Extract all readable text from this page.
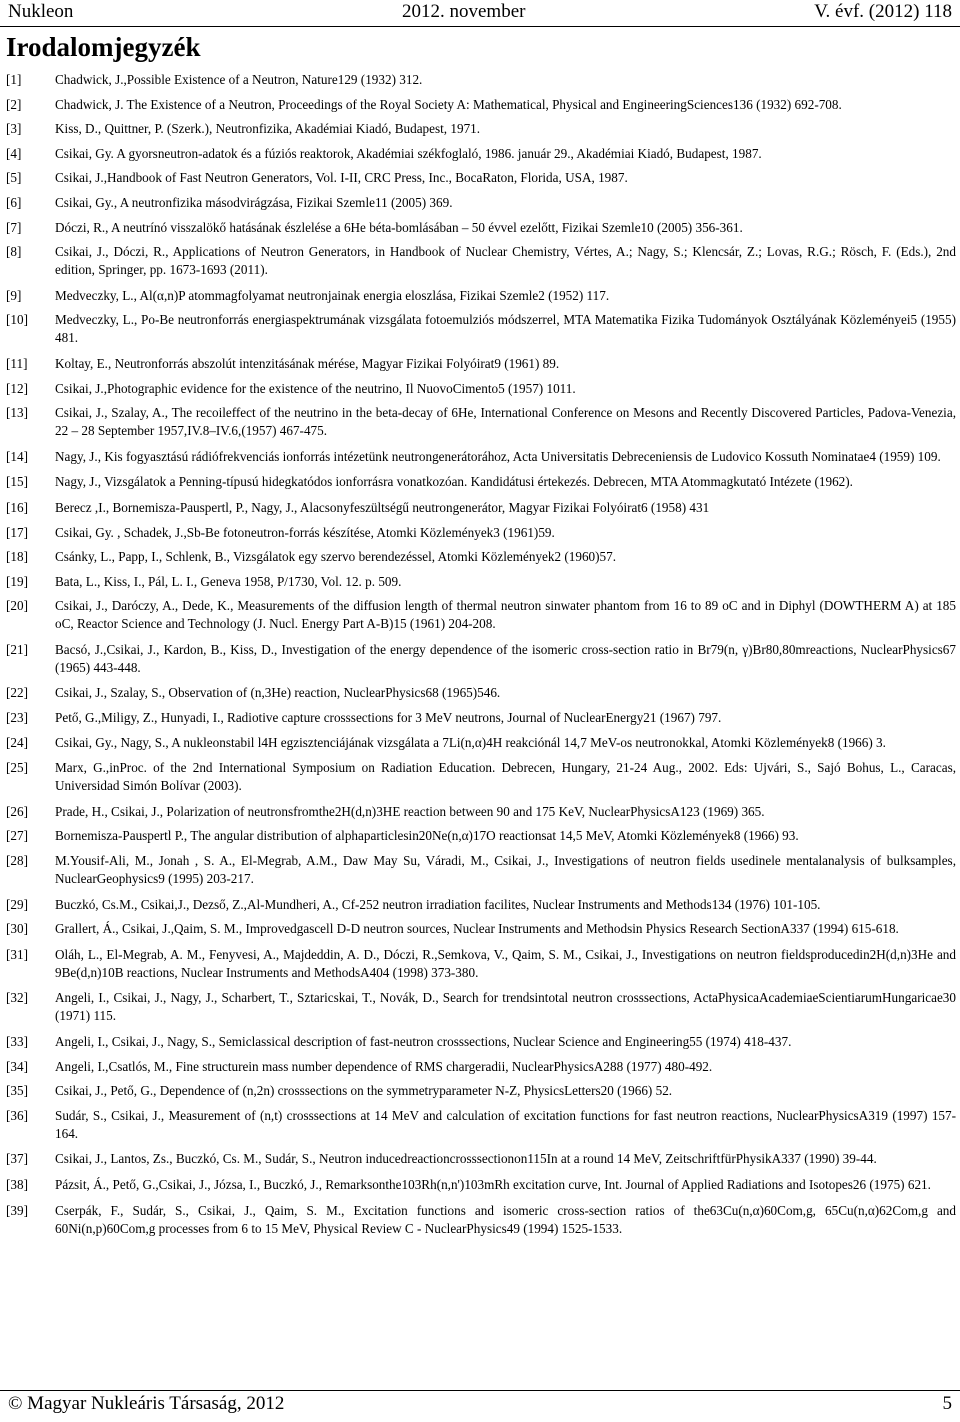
Nukleon	2012. november	V. évf. (2012) 118
Irodalomjegyzék
[1]	Chadwick, J.,Possible Existence of a Neutron, Nature129 (1932) 312.
[2]	Chadwick, J. The Existence of a Neutron, Proceedings of the Royal Society A: Mathematical, Physical and EngineeringSciences136 (1932) 692-708.
[3]	Kiss, D., Quittner, P. (Szerk.), Neutronfizika, Akadémiai Kiadó, Budapest, 1971.
[4]	Csikai, Gy. A gyorsneutron-adatok és a fúziós reaktorok, Akadémiai székfoglaló, 1986. január 29., Akadémiai Kiadó, Budapest, 1987.
[5]	Csikai, J.,Handbook of Fast Neutron Generators, Vol. I-II, CRC Press, Inc., BocaRaton, Florida, USA, 1987.
[6]	Csikai, Gy., A neutronfizika másodvirágzása, Fizikai Szemle11 (2005) 369.
[7]	Dóczi, R., A neutrínó visszalökő hatásának észlelése a 6He béta-bomlásában – 50 évvel ezelőtt, Fizikai Szemle10 (2005) 356-361.
[8]	Csikai, J., Dóczi, R., Applications of Neutron Generators, in Handbook of Nuclear Chemistry, Vértes, A.; Nagy, S.; Klencsár, Z.; Lovas, R.G.; Rösch, F. (Eds.), 2nd edition, Springer, pp. 1673-1693 (2011).
[9]	Medveczky, L., Al(α,n)P atommagfolyamat neutronjainak energia eloszlása, Fizikai Szemle2 (1952) 117.
[10] Medveczky, L., Po-Be neutronforrás energiaspektrumának vizsgálata fotoemulziós módszerrel, MTA Matematika Fizika Tudományok Osztályának Közleményei5 (1955) 481.
[11] Koltay, E., Neutronforrás abszolút intenzitásának mérése, Magyar Fizikai Folyóirat9 (1961) 89.
[12] Csikai, J.,Photographic evidence for the existence of the neutrino, Il NuovoCimento5 (1957) 1011.
[13] Csikai, J., Szalay, A., The recoileffect of the neutrino in the beta-decay of 6He, International Conference on Mesons and Recently Discovered Particles, Padova-Venezia, 22 – 28 September 1957,IV.8–IV.6,(1957) 467-475.
[14] Nagy, J., Kis fogyasztású rádiófrekvenciás ionforrás intézetünk neutrongenerátorához, Acta Universitatis Debreceniensis de Ludovico Kossuth Nominatae4 (1959) 109.
[15] Nagy, J., Vizsgálatok a Penning-típusú hidegkatódos ionforrásra vonatkozóan. Kandidátusi értekezés. Debrecen, MTA Atommagkutató Intézete (1962).
[16] Berecz ,I., Bornemisza-Pauspertl, P., Nagy, J., Alacsonyfeszültségű neutrongenerátor, Magyar Fizikai Folyóirat6 (1958) 431
[17] Csikai, Gy. , Schadek, J.,Sb-Be fotoneutron-forrás készítése, Atomki Közlemények3 (1961)59.
[18] Csánky, L., Papp, I., Schlenk, B., Vizsgálatok egy szervo berendezéssel, Atomki Közlemények2 (1960)57.
[19] Bata, L., Kiss, I., Pál, L. I., Geneva 1958, P/1730, Vol. 12. p. 509.
[20] Csikai, J., Daróczy, A., Dede, K., Measurements of the diffusion length of thermal neutron sinwater phantom from 16 to 89 oC and in Diphyl (DOWTHERM A) at 185 oC, Reactor Science and Technology (J. Nucl. Energy Part A-B)15 (1961) 204-208.
[21] Bacsó, J.,Csikai, J., Kardon, B., Kiss, D., Investigation of the energy dependence of the isomeric cross-section ratio in Br79(n, γ)Br80,80mreactions, NuclearPhysics67 (1965) 443-448.
[22] Csikai, J., Szalay, S., Observation of (n,3He) reaction, NuclearPhysics68 (1965)546.
[23] Pető, G.,Miligy, Z., Hunyadi, I., Radiotive capture crosssections for 3 MeV neutrons, Journal of NuclearEnergy21 (1967) 797.
[24] Csikai, Gy., Nagy, S., A nukleonstabil l4H egzisztenciájának vizsgálata a 7Li(n,α)4H reakciónál 14,7 MeV-os neutronokkal, Atomki Közlemények8 (1966) 3.
[25] Marx, G.,inProc. of the 2nd International Symposium on Radiation Education. Debrecen, Hungary, 21-24 Aug., 2002. Eds: Ujvári, S., Sajó Bohus, L., Caracas, Universidad Simón Bolívar (2003).
[26] Prade, H., Csikai, J., Polarization of neutronsfromthe2H(d,n)3HE reaction between 90 and 175 KeV, NuclearPhysicsA123 (1969) 365.
[27] Bornemisza-Pauspertl P., The angular distribution of alphaparticlesin20Ne(n,α)17O reactionsat 14,5 MeV, Atomki Közlemények8 (1966) 93.
[28] M.Yousif-Ali, M., Jonah , S. A., El-Megrab, A.M., Daw May Su, Váradi, M., Csikai, J., Investigations of neutron fields usedinele mentalanalysis of bulksamples, NuclearGeophysics9 (1995) 203-217.
[29] Buczkó, Cs.M., Csikai,J., Dezső, Z.,Al-Mundheri, A., Cf-252 neutron irradiation facilites, Nuclear Instruments and Methods134 (1976) 101-105.
[30] Grallert, Á., Csikai, J.,Qaim, S. M., Improvedgascell D-D neutron sources, Nuclear Instruments and Methodsin Physics Research SectionA337 (1994) 615-618.
[31] Oláh, L., El-Megrab, A. M., Fenyvesi, A., Majdeddin, A. D., Dóczi, R.,Semkova, V., Qaim, S. M., Csikai, J., Investigations on neutron fieldsproducedin2H(d,n)3He and 9Be(d,n)10B reactions, Nuclear Instruments and MethodsA404 (1998) 373-380.
[32] Angeli, I., Csikai, J., Nagy, J., Scharbert, T., Sztaricskai, T., Novák, D., Search for trendsintotal neutron crosssections, ActaPhysicaAcademiaeScientiarumHungaricae30 (1971) 115.
[33] Angeli, I., Csikai, J., Nagy, S., Semiclassical description of fast-neutron crosssections, Nuclear Science and Engineering55 (1974) 418-437.
[34] Angeli, I.,Csatlós, M., Fine structurein mass number dependence of RMS chargeradii, NuclearPhysicsA288 (1977) 480-492.
[35] Csikai, J., Pető, G., Dependence of (n,2n) crosssections on the symmetryparameter N-Z, PhysicsLetters20 (1966) 52.
[36] Sudár, S., Csikai, J., Measurement of (n,t) crosssections at 14 MeV and calculation of excitation functions for fast neutron reactions, NuclearPhysicsA319 (1997) 157-164.
[37] Csikai, J., Lantos, Zs., Buczkó, Cs. M., Sudár, S., Neutron inducedreactioncrosssectionon115In at a round 14 MeV, ZeitschriftfürPhysikA337 (1990) 39-44.
[38] Pázsit, Á., Pető, G.,Csikai, J., Józsa, I., Buczkó, J., Remarksonthe103Rh(n,n')103mRh excitation curve, Int. Journal of Applied Radiations and Isotopes26 (1975) 621.
[39] Cserpák, F., Sudár, S., Csikai, J., Qaim, S. M., Excitation functions and isomeric cross-section ratios of the63Cu(n,α)60Com,g, 65Cu(n,α)62Com,g and 60Ni(n,p)60Com,g processes from 6 to 15 MeV, Physical Review C - NuclearPhysics49 (1994) 1525-1533.
© Magyar Nukleáris Társaság, 2012	5
